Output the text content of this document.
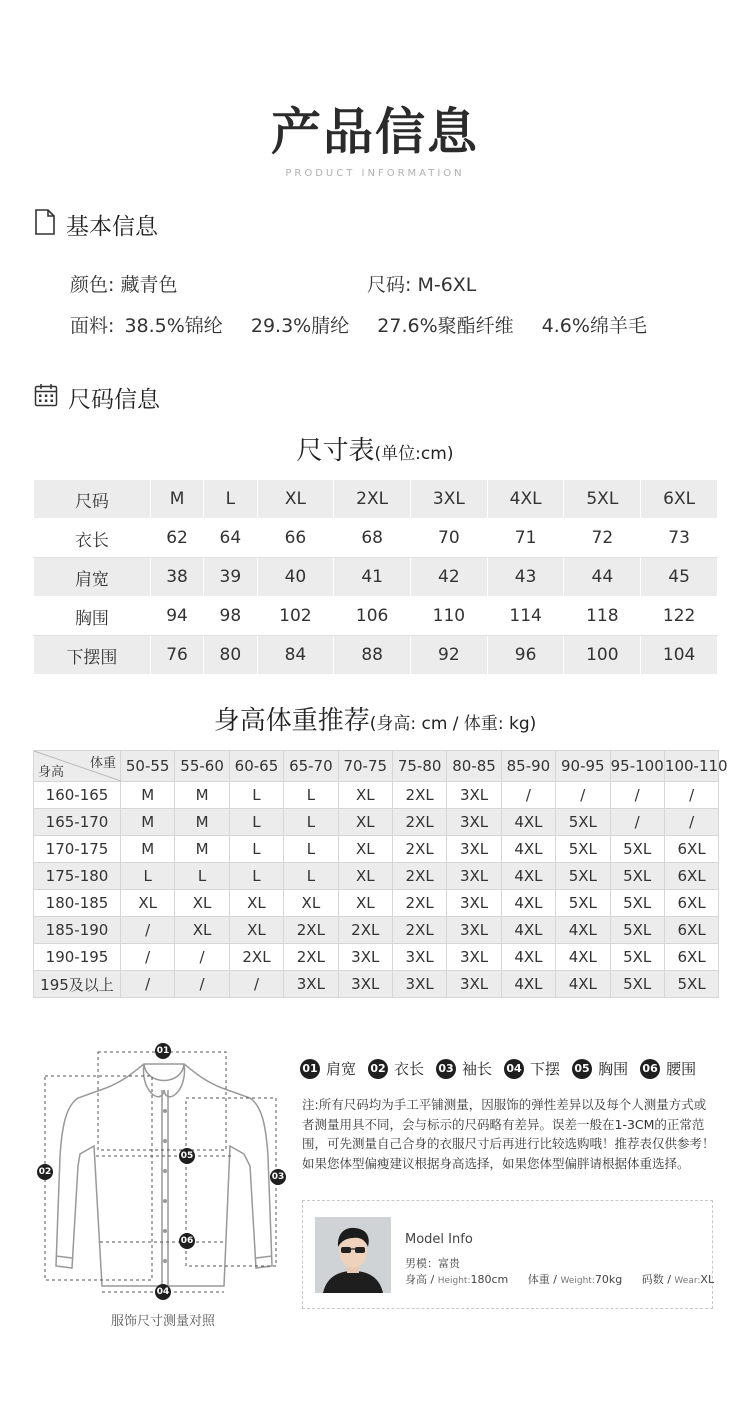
产品信息
PRODUCT INFORMATION
基本信息
颜色: 藏青色	尺码: M-6XL
面料: 38.5%锦纶 29.3%腈纶 27.6%聚酯纤维 4.6%绵羊毛
尺码信息
尺寸表(单位:cm)
尺码	M	L	XL	2XL	3XL	4XL	5XL	6XL
衣长	62	64	66	68	70	71	72	73
肩宽	38	39	40	41	42	43	44	45
胸围	94	98	102	106	110	114	118	122
下摆围	76	80	84	88	92	96	100	104
身高体重推荐(身高: cm / 体重: kg)
体重
身高	50-55	55-60	60-65	65-70	70-75	75-80	80-85	85-90	90-95	95-100	100-110
160-165	M	M	L	L	XL	2XL	3XL	/	/	/	/
165-170	M	M	L	L	XL	2XL	3XL	4XL	5XL	/	/
170-175	M	M	L	L	XL	2XL	3XL	4XL	5XL	5XL	6XL
175-180	L	L	L	L	XL	2XL	3XL	4XL	5XL	5XL	6XL
180-185	XL	XL	XL	XL	XL	2XL	3XL	4XL	5XL	5XL	6XL
185-190	/	XL	XL	2XL	2XL	2XL	3XL	4XL	4XL	5XL	6XL
190-195	/	/	2XL	2XL	3XL	3XL	3XL	4XL	4XL	5XL	6XL
195及以上	/	/	/	3XL	3XL	3XL	3XL	4XL	4XL	5XL	5XL
01
02	03
04
05
06
服饰尺寸测量对照
01 肩宽 02 衣长 03 袖长 04 下摆 05 胸围 06 腰围
注:所有尺码均为手工平铺测量，因服饰的弹性差异以及每个人测量方式或者测量用具不同，会与标示的尺码略有差异。误差一般在1-3CM的正常范围，可先测量自己合身的衣服尺寸后再进行比较选购哦！推荐表仅供参考！如果您体型偏瘦建议根据身高选择，如果您体型偏胖请根据体重选择。
Model Info
男模：富贵
身高 / Height:180cm 体重 / Weight:70kg 码数 / Wear:XL
